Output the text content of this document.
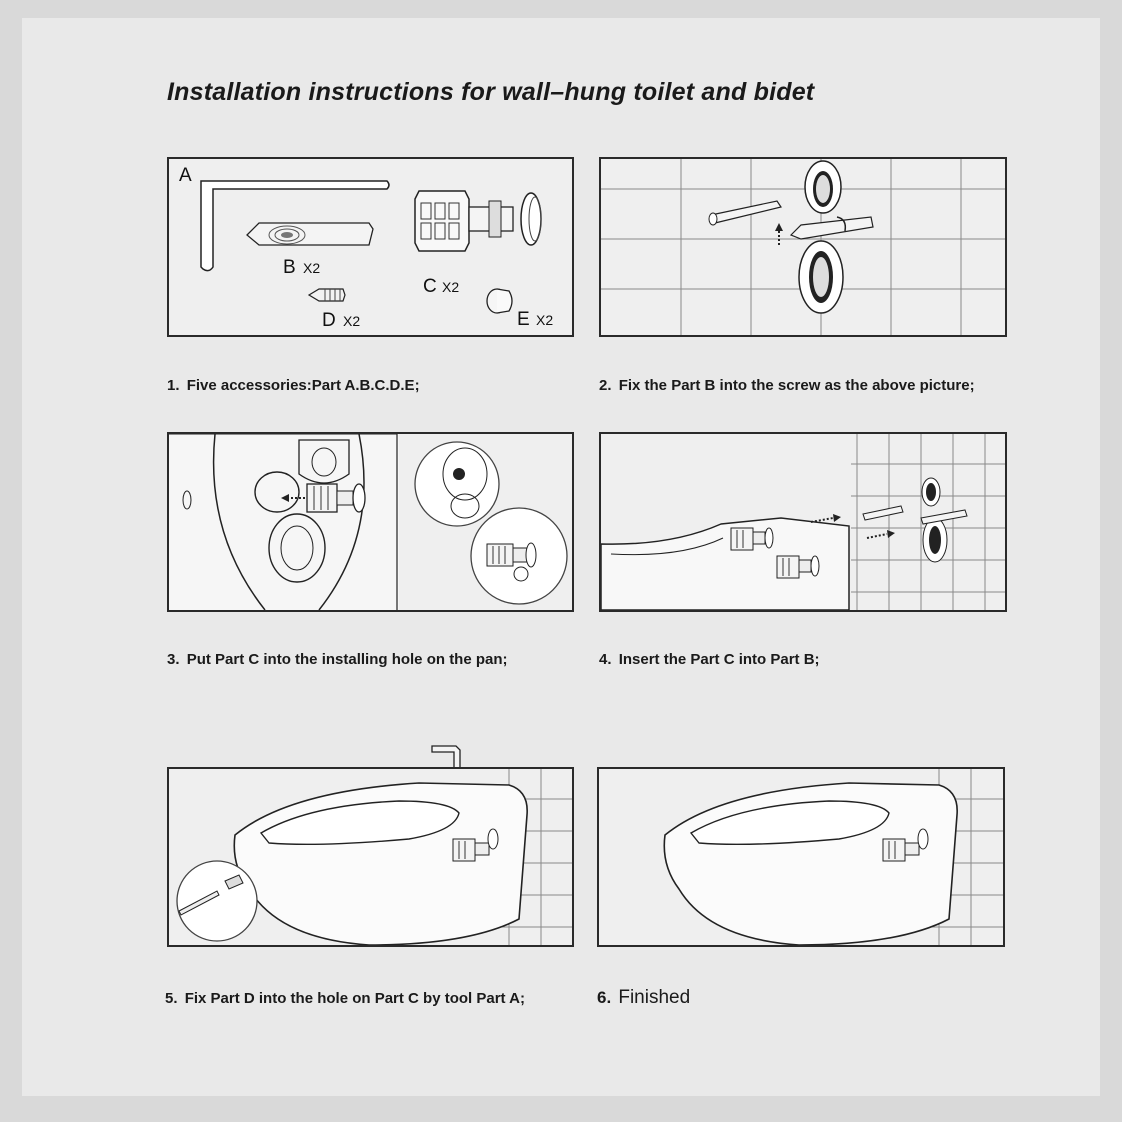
Installation instructions for wall–hung toilet and bidet
A
B X2
C X2
D X2	E X2
1. Five accessories:Part A.B.C.D.E;	2. Fix the Part B into the screw as the above picture;
3. Put Part C into the installing hole on the pan;	4. Insert the Part C into Part B;
5. Fix Part D into the hole on Part C by tool Part A;	6. Finished
